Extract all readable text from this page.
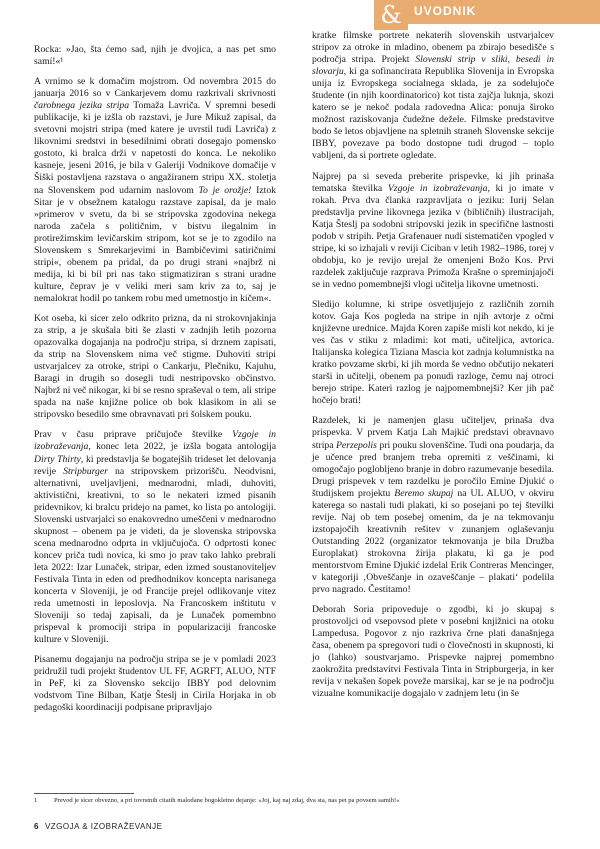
&	UVODNIK

Rocka: »Jao, šta ćemo sad, njih je dvojica, a nas pet smo samí!«¹

A vrnimo se k domačim mojstrom. Od novembra 2015 do januarja 2016 so v Cankarjevem domu razkrivali skrivnosti čarobnega jezika stripa Tomaža Lavriča. V spremni besedi publikacije, ki je izšla ob razstavi, je Jure Mikuž zapisal, da svetovni mojstri stripa (med katere je uvrstil tudi Lavriča) z likovnimi sredstvi in besedilnimi obrati dosegajo pomensko gostoto, ki bralca drži v napetosti do konca. Le nekoliko kasneje, jeseni 2016, je bila v Galeriji Vodnikove domačije v Šiški postavljena razstava o angažiranem stripu XX. stoletja na Slovenskem pod udarnim naslovom To je orožje! Iztok Sitar je v obsežnem katalogu razstave zapisal, da je malo »primerov v svetu, da bi se stripovska zgodovina nekega naroda začela s političnim, v bistvu ilegalnim in protirežimskim levičarskim stripom, kot se je to zgodilo na Slovenskem s Smrekarjevimi in Bambičevimi satiričnimi stripi«, obenem pa pridal, da po drugi strani »najbrž ni medija, ki bi bil pri nas tako stigmatiziran s strani uradne kulture, čeprav je v veliki meri sam kriv za to, saj je nemalokrat hodil po tankem robu med umetnostjo in kičem«.

Kot oseba, ki sicer zelo odkrito prizna, da ni strokovnjakinja za strip, a je skušala biti še zlasti v zadnjih letih pozorna opazovalka dogajanja na področju stripa, si drznem zapisati, da strip na Slovenskem nima več stigme. Duhoviti stripi ustvarjalcev za otroke, stripi o Cankarju, Plečniku, Kajuhu, Baragi in drugih so dosegli tudi nestripovsko občinstvo. Najbrž ni več nikogar, ki bi se resno spraševal o tem, ali stripe spada na naše knjižne police ob bok klasikom in ali se stripovsko besedilo sme obravnavati pri šolskem pouku.

Prav v času priprave pričujoče številke Vzgoje in izobraževanja, konec leta 2022, je izšla bogata antologija Dirty Thirty, ki predstavlja še bogatejših trideset let delovanja revije Stripburger na stripovskem prizorišču. Neodvisni, alternativni, uveljavljeni, mednarodni, mladi, duhoviti, aktivistični, kreativni, to so le nekateri izmed pisanih pridevnikov, ki bralcu pridejo na pamet, ko lista po antologiji. Slovenski ustvarjalci so enakovredno umeščeni v mednarodno skupnost – obenem pa je videti, da je slovenska stripovska scena mednarodno odprta in vključujoča. O odprtosti konec koncev priča tudi novica, ki smo jo prav tako lahko prebrali leta 2022: Izar Lunaček, stripar, eden izmed soustanoviteljev Festivala Tinta in eden od predhodnikov koncepta narisanega koncerta v Sloveniji, je od Francije prejel odlikovanje vitez reda umetnosti in leposlovja. Na Francoskem inštitutu v Sloveniji so tedaj zapisali, da je Lunaček pomembno prispeval k promociji stripa in popularizaciji francoske kulture v Sloveniji.

Pisanemu dogajanju na področju stripa se je v pomladi 2023 pridružil tudi projekt študentov UL FF, AGRFT, ALUO, NTF in PeF, ki za Slovensko sekcijo IBBY pod delovnim vodstvom Tine Bilban, Katje Šteslj in Cirila Horjaka in ob pedagoški koordinaciji podpisane pripravljajo

kratke filmske portrete nekaterih slovenskih ustvarjalcev stripov za otroke in mladino, obenem pa zbirajo besedišče s področja stripa. Projekt Slovenski strip v sliki, besedi in slovarju, ki ga sofinancirata Republika Slovenija in Evropska unija iz Evropskega socialnega sklada, je za sodelujoče študente (in njih koordinatorico) kot tista zajčja luknja, skozi katero se je nekoč podala radovedna Alica: ponuja široko možnost raziskovanja čudežne dežele. Filmske predstavitve bodo še letos objavljene na spletnih straneh Slovenske sekcije IBBY, povezave pa bodo dostopne tudi drugod – toplo vabljeni, da si portrete ogledate.

Najprej pa si seveda preberite prispevke, ki jih prinaša tematska številka Vzgoje in izobraževanja, ki jo imate v rokah. Prva dva članka razpravljata o jeziku: Iurij Selan predstavlja prvine likovnega jezika v (bibličnih) ilustracijah, Katja Šteslj pa sodobni stripovski jezik in specifične lastnosti podob v stripih. Petja Grafenauer nudi sistematičen vpogled v stripe, ki so izhajali v reviji Ciciban v letih 1982–1986, torej v obdobju, ko je revijo urejal že omenjeni Božo Kos. Prvi razdelek zaključuje razprava Primoža Krašne o spreminjajoči se in vedno pomembnejši vlogi učitelja likovne umetnosti.

Sledijo kolumne, ki stripe osvetljujejo z različnih zornih kotov. Gaja Kos pogleda na stripe in njih avtorje z očmi književne urednice. Majda Koren zapiše misli kot nekdo, ki je ves čas v stiku z mladimi: kot mati, učiteljica, avtorica. Italijanska kolegica Tiziana Mascia kot zadnja kolumnistka na kratko povzame skrbi, ki jih morda še vedno občutijo nekateri starši in učitelji, obenem pa ponudi razloge, čemu naj otroci berejo stripe. Kateri razlog je najpomembnejši? Ker jih pač hočejo brati!

Razdelek, ki je namenjen glasu učiteljev, prinaša dva prispevka. V prvem Katja Lah Majkić predstavi obravnavo stripa Perzepolis pri pouku slovenščine. Tudi ona poudarja, da je učence pred branjem treba opremiti z veščinami, ki omogočajo poglobljeno branje in dobro razumevanje besedila. Drugi prispevek v tem razdelku je poročilo Emine Djukić o študijskem projektu Beremo skupaj na UL ALUO, v okviru katerega so nastali tudi plakati, ki so posejani po tej številki revije. Naj ob tem posebej omenim, da je na tekmovanju izstopajočih kreativnih rešitev v zunanjem oglaševanju Outstanding 2022 (organizator tekmovanja je bila Družba Europlakat) strokovna žirija plakatu, ki ga je pod mentorstvom Emine Djukić izdelal Erik Contreras Mencinger, v kategoriji ‚Obveščanje in ozaveščanje – plakati‘ podelila prvo nagrado. Čestitamo!

Deborah Soria pripoveduje o zgodbi, ki jo skupaj s prostovoljci od vsepovsod plete v posebni knjižnici na otoku Lampedusa. Pogovor z njo razkriva črne plati današnjega časa, obenem pa spregovori tudi o človečnosti in skupnosti, ki jo (lahko) soustvarjamo. Prispevke najprej pomembno zaokrožita predstavitvi Festivala Tinta in Stripburgerja, in ker revija v nekašen šopek poveže marsikaj, kar se je na področju vizualne komunikacije dogajalo v zadnjem letu (in še

1	Prevod je sicer obvezno, a pri tovrstnih citatih malodane bogokletno dejanje: »Joj, kaj naj zdaj, dva sta, nas pet pa povsem samih!«
6 VZGOJA & IZOBRAŽEVANJE
